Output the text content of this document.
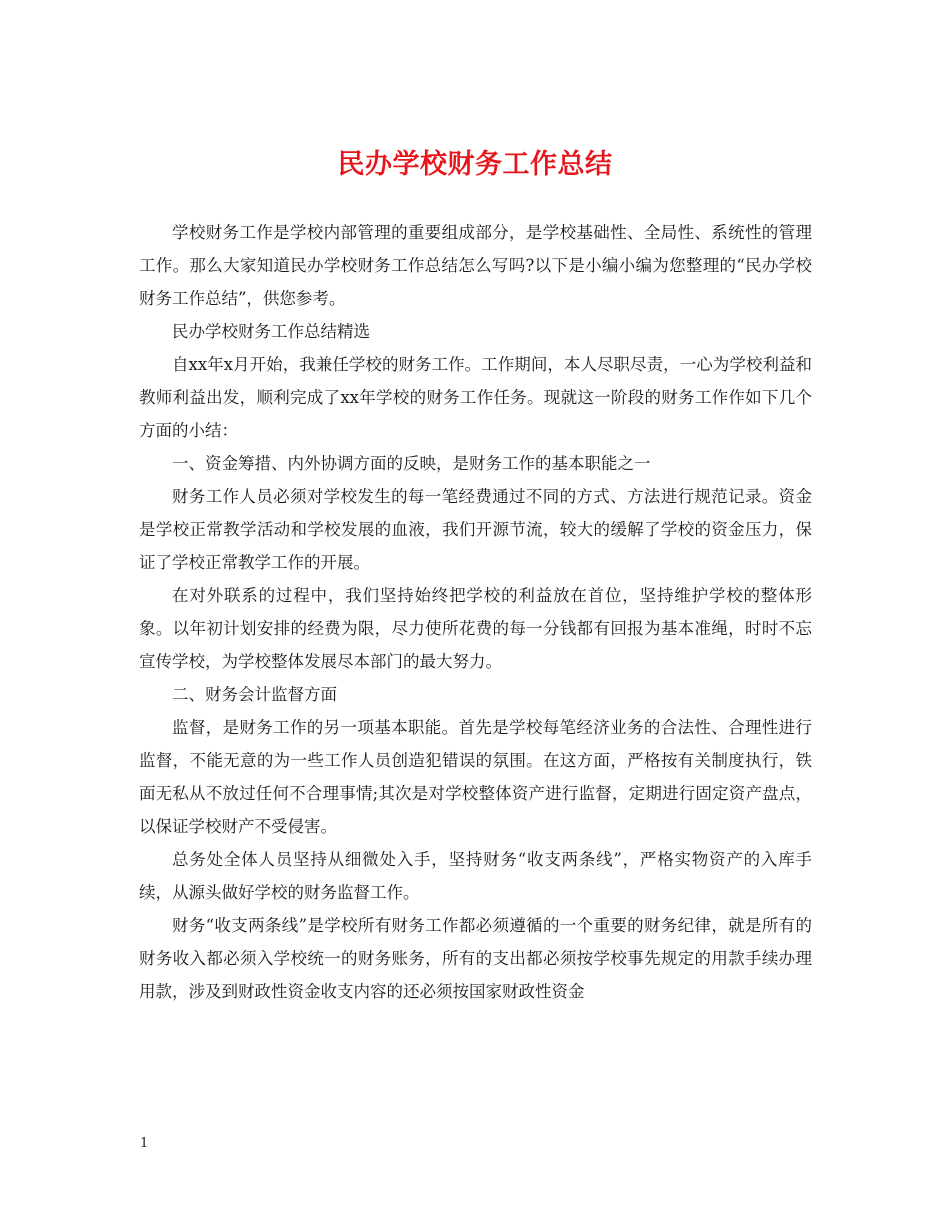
民办学校财务工作总结

学校财务工作是学校内部管理的重要组成部分，是学校基础性、全局性、系统性的管理工作。那么大家知道民办学校财务工作总结怎么写吗?以下是小编小编为您整理的“民办学校财务工作总结”，供您参考。

民办学校财务工作总结精选

自xx年x月开始，我兼任学校的财务工作。工作期间，本人尽职尽责，一心为学校利益和教师利益出发，顺利完成了xx年学校的财务工作任务。现就这一阶段的财务工作作如下几个方面的小结：

一、资金筹措、内外协调方面的反映，是财务工作的基本职能之一

财务工作人员必须对学校发生的每一笔经费通过不同的方式、方法进行规范记录。资金是学校正常教学活动和学校发展的血液，我们开源节流，较大的缓解了学校的资金压力，保证了学校正常教学工作的开展。

在对外联系的过程中，我们坚持始终把学校的利益放在首位，坚持维护学校的整体形象。以年初计划安排的经费为限，尽力使所花费的每一分钱都有回报为基本准绳，时时不忘宣传学校，为学校整体发展尽本部门的最大努力。

二、财务会计监督方面

监督，是财务工作的另一项基本职能。首先是学校每笔经济业务的合法性、合理性进行监督，不能无意的为一些工作人员创造犯错误的氛围。在这方面，严格按有关制度执行，铁面无私从不放过任何不合理事情;其次是对学校整体资产进行监督，定期进行固定资产盘点，以保证学校财产不受侵害。

总务处全体人员坚持从细微处入手，坚持财务“收支两条线”，严格实物资产的入库手续，从源头做好学校的财务监督工作。

财务“收支两条线”是学校所有财务工作都必须遵循的一个重要的财务纪律，就是所有的财务收入都必须入学校统一的财务账务，所有的支出都必须按学校事先规定的用款手续办理用款，涉及到财政性资金收支内容的还必须按国家财政性资金

1
